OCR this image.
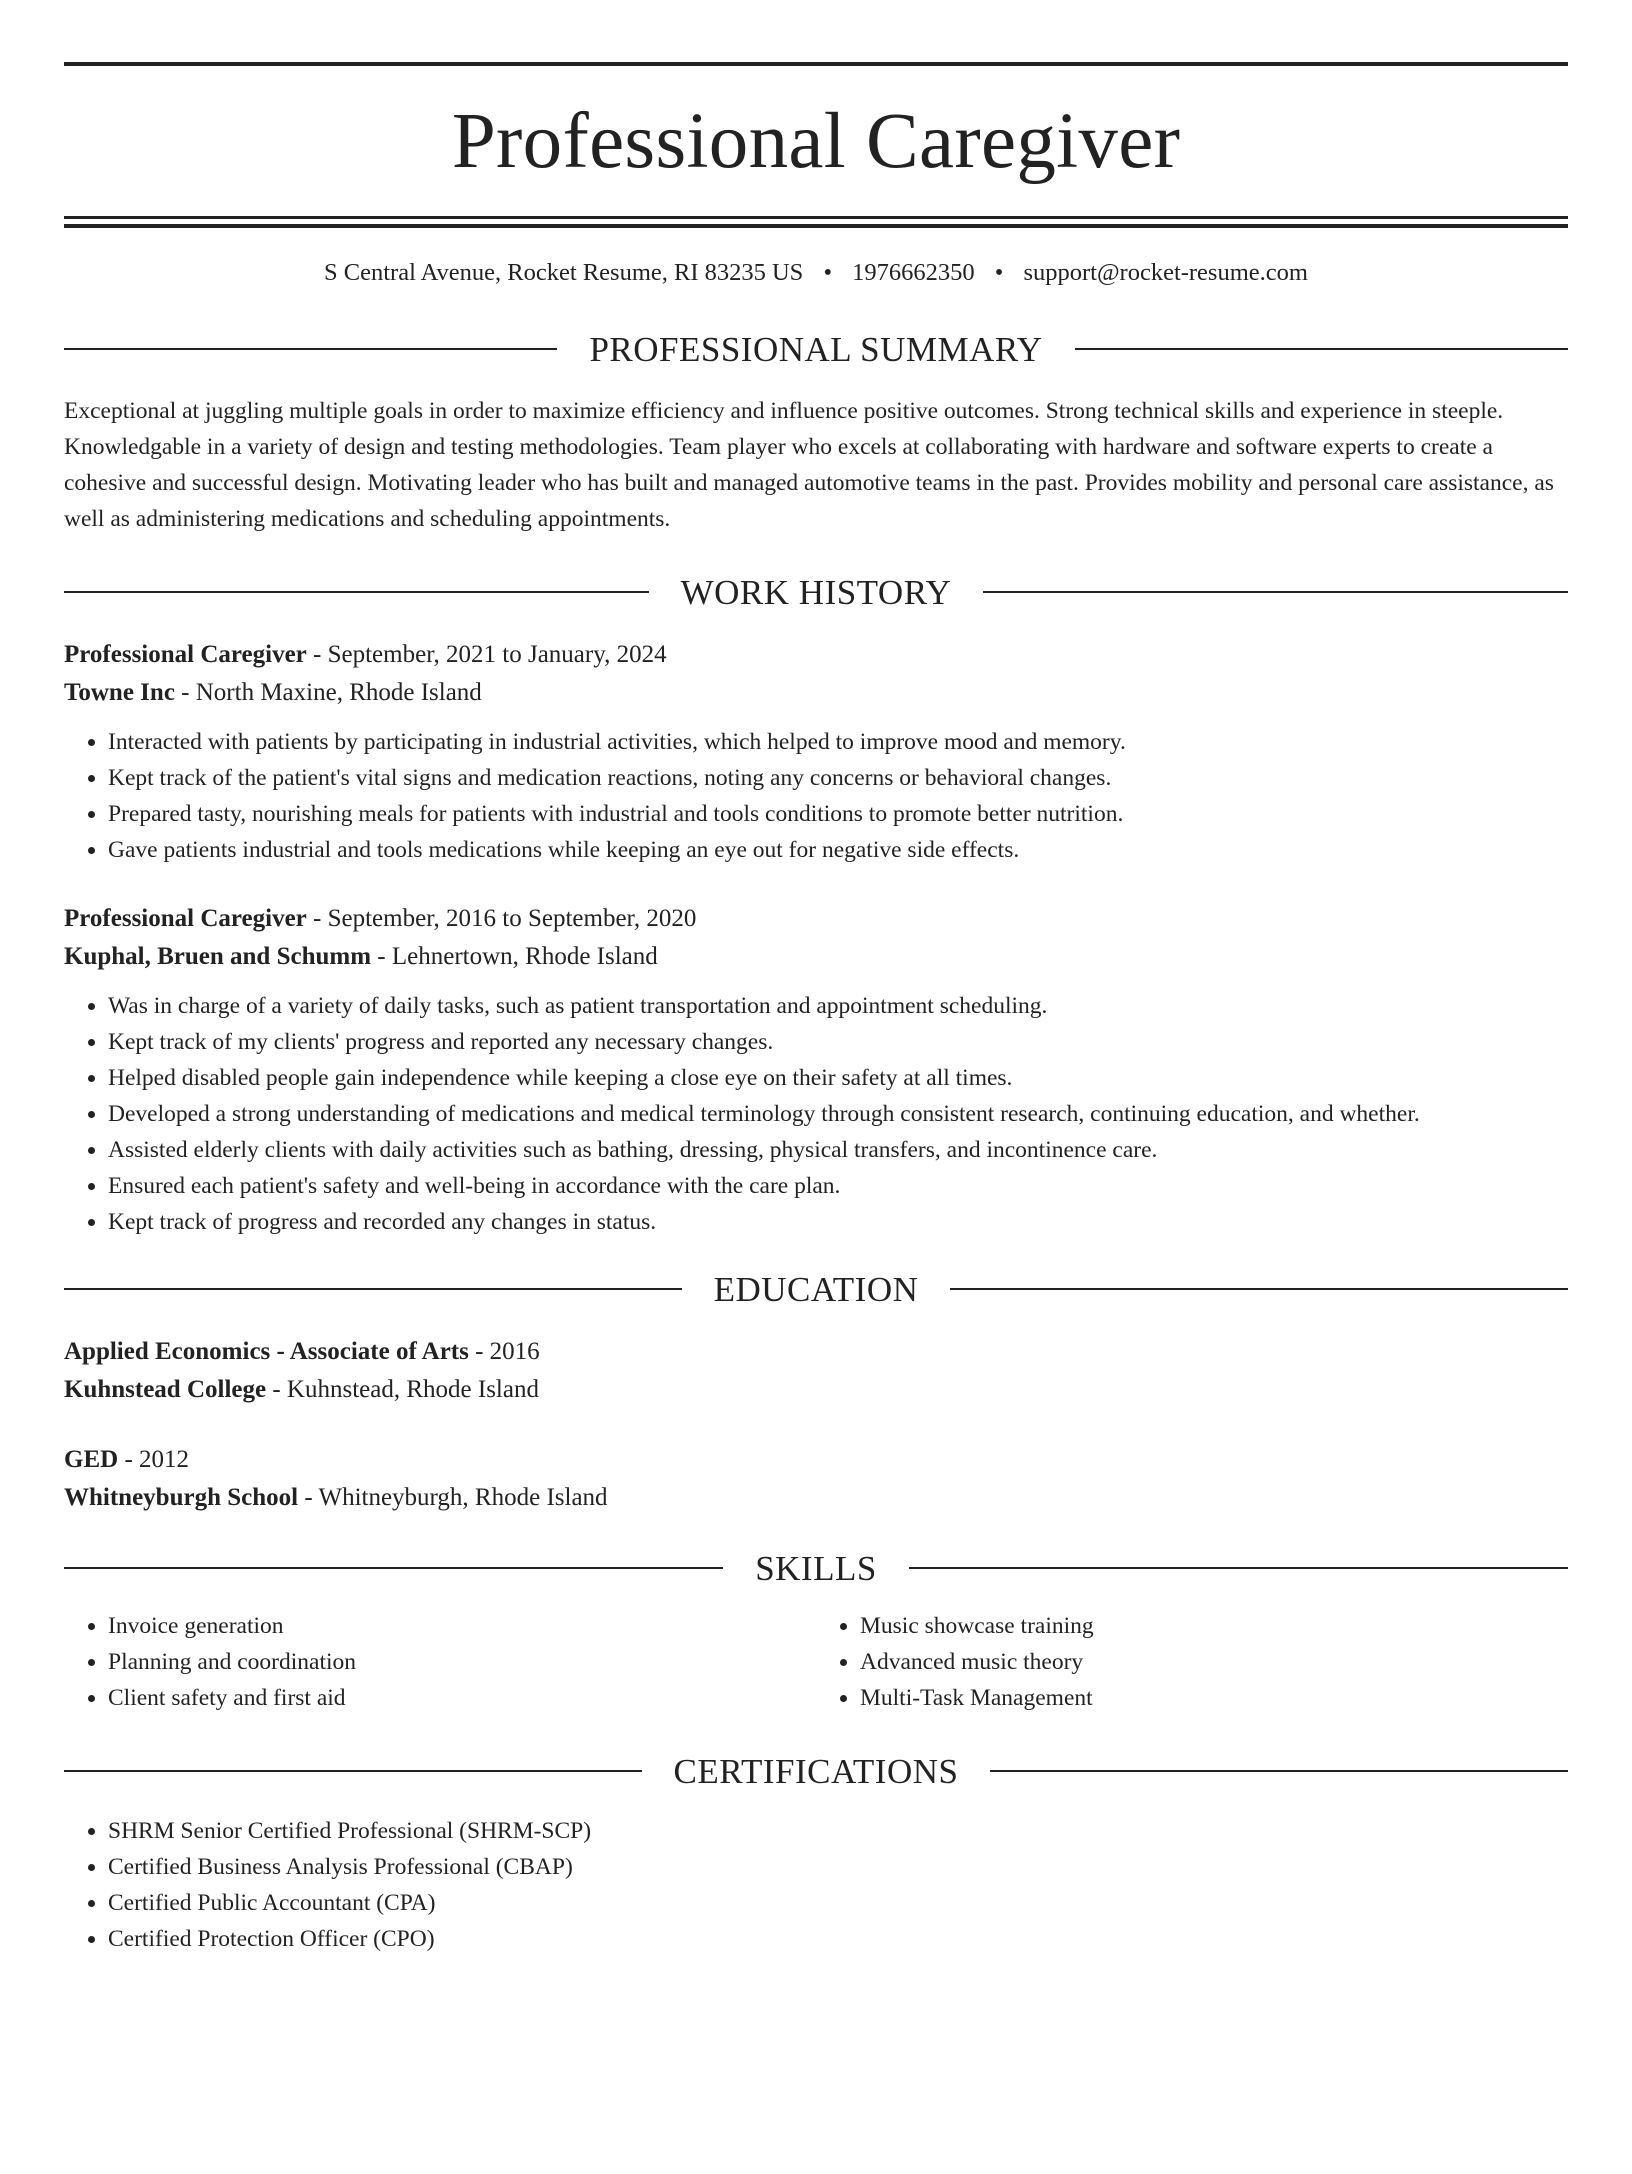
Professional Caregiver
S Central Avenue, Rocket Resume, RI 83235 US • 1976662350 • support@rocket-resume.com
PROFESSIONAL SUMMARY

Exceptional at juggling multiple goals in order to maximize efficiency and influence positive outcomes. Strong technical skills and experience in steeple. Knowledgable in a variety of design and testing methodologies. Team player who excels at collaborating with hardware and software experts to create a cohesive and successful design. Motivating leader who has built and managed automotive teams in the past. Provides mobility and personal care assistance, as well as administering medications and scheduling appointments.

WORK HISTORY
Professional Caregiver - September, 2021 to January, 2024
Towne Inc - North Maxine, Rhode Island
• Interacted with patients by participating in industrial activities, which helped to improve mood and memory.
• Kept track of the patient's vital signs and medication reactions, noting any concerns or behavioral changes.
• Prepared tasty, nourishing meals for patients with industrial and tools conditions to promote better nutrition.
• Gave patients industrial and tools medications while keeping an eye out for negative side effects.
Professional Caregiver - September, 2016 to September, 2020
Kuphal, Bruen and Schumm - Lehnertown, Rhode Island
• Was in charge of a variety of daily tasks, such as patient transportation and appointment scheduling.
• Kept track of my clients' progress and reported any necessary changes.
• Helped disabled people gain independence while keeping a close eye on their safety at all times.
• Developed a strong understanding of medications and medical terminology through consistent research, continuing education, and whether.
• Assisted elderly clients with daily activities such as bathing, dressing, physical transfers, and incontinence care.
• Ensured each patient's safety and well-being in accordance with the care plan.
• Kept track of progress and recorded any changes in status.
EDUCATION
Applied Economics - Associate of Arts - 2016
Kuhnstead College - Kuhnstead, Rhode Island
GED - 2012
Whitneyburgh School - Whitneyburgh, Rhode Island
SKILLS
• Invoice generation
• Planning and coordination
• Client safety and first aid
• Music showcase training
• Advanced music theory
• Multi-Task Management
CERTIFICATIONS
• SHRM Senior Certified Professional (SHRM-SCP)
• Certified Business Analysis Professional (CBAP)
• Certified Public Accountant (CPA)
• Certified Protection Officer (CPO)
